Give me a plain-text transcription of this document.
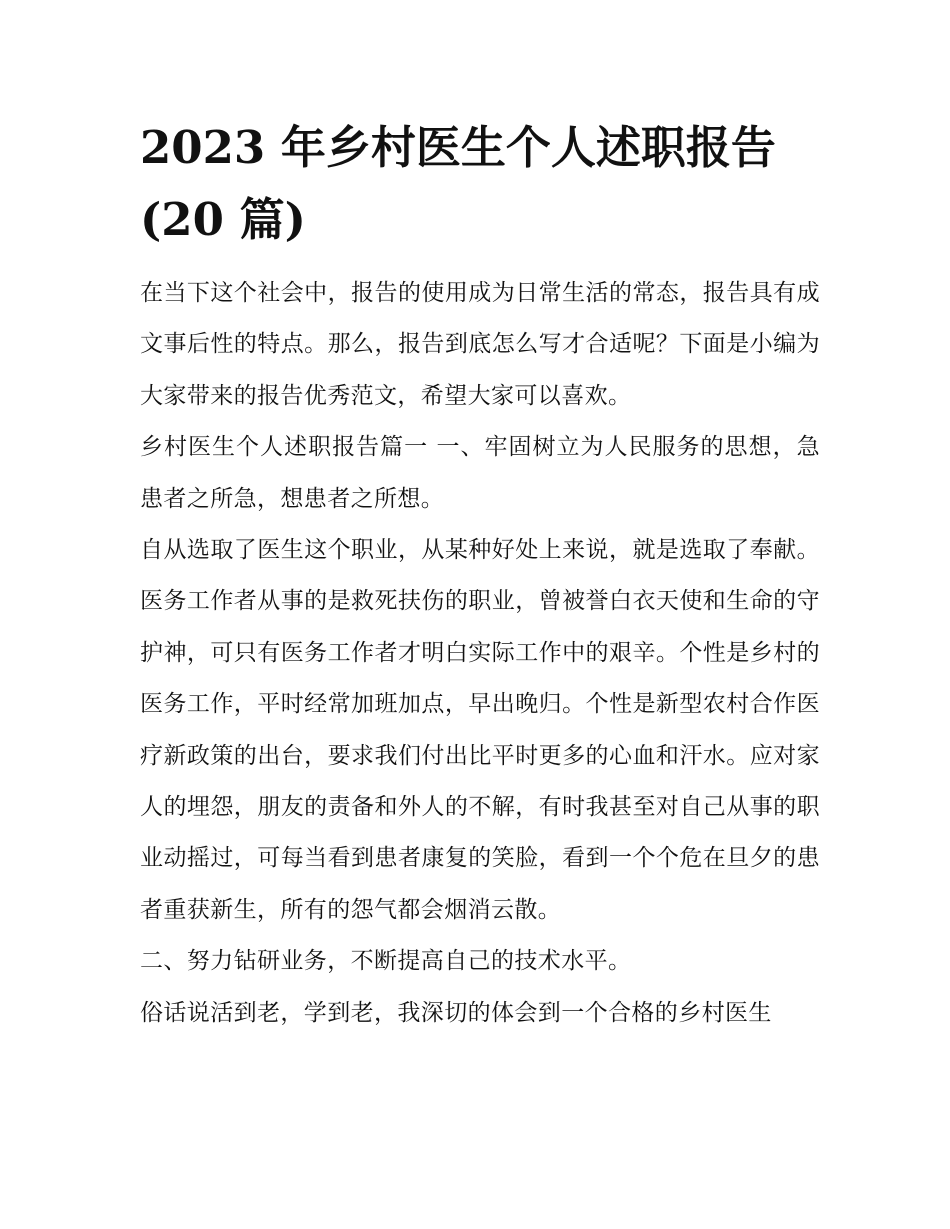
2023 年乡村医生个人述职报告 (20 篇)

在当下这个社会中，报告的使用成为日常生活的常态，报告具有成文事后性的特点。那么，报告到底怎么写才合适呢？下面是小编为大家带来的报告优秀范文，希望大家可以喜欢。

乡村医生个人述职报告篇一 一、牢固树立为人民服务的思想，急患者之所急，想患者之所想。

自从选取了医生这个职业，从某种好处上来说，就是选取了奉献。医务工作者从事的是救死扶伤的职业，曾被誉白衣天使和生命的守护神，可只有医务工作者才明白实际工作中的艰辛。个性是乡村的医务工作，平时经常加班加点，早出晚归。个性是新型农村合作医疗新政策的出台，要求我们付出比平时更多的心血和汗水。应对家人的埋怨，朋友的责备和外人的不解，有时我甚至对自己从事的职业动摇过，可每当看到患者康复的笑脸，看到一个个危在旦夕的患者重获新生，所有的怨气都会烟消云散。

二、努力钻研业务，不断提高自己的技术水平。

俗话说活到老，学到老，我深切的体会到一个合格的乡村医生
